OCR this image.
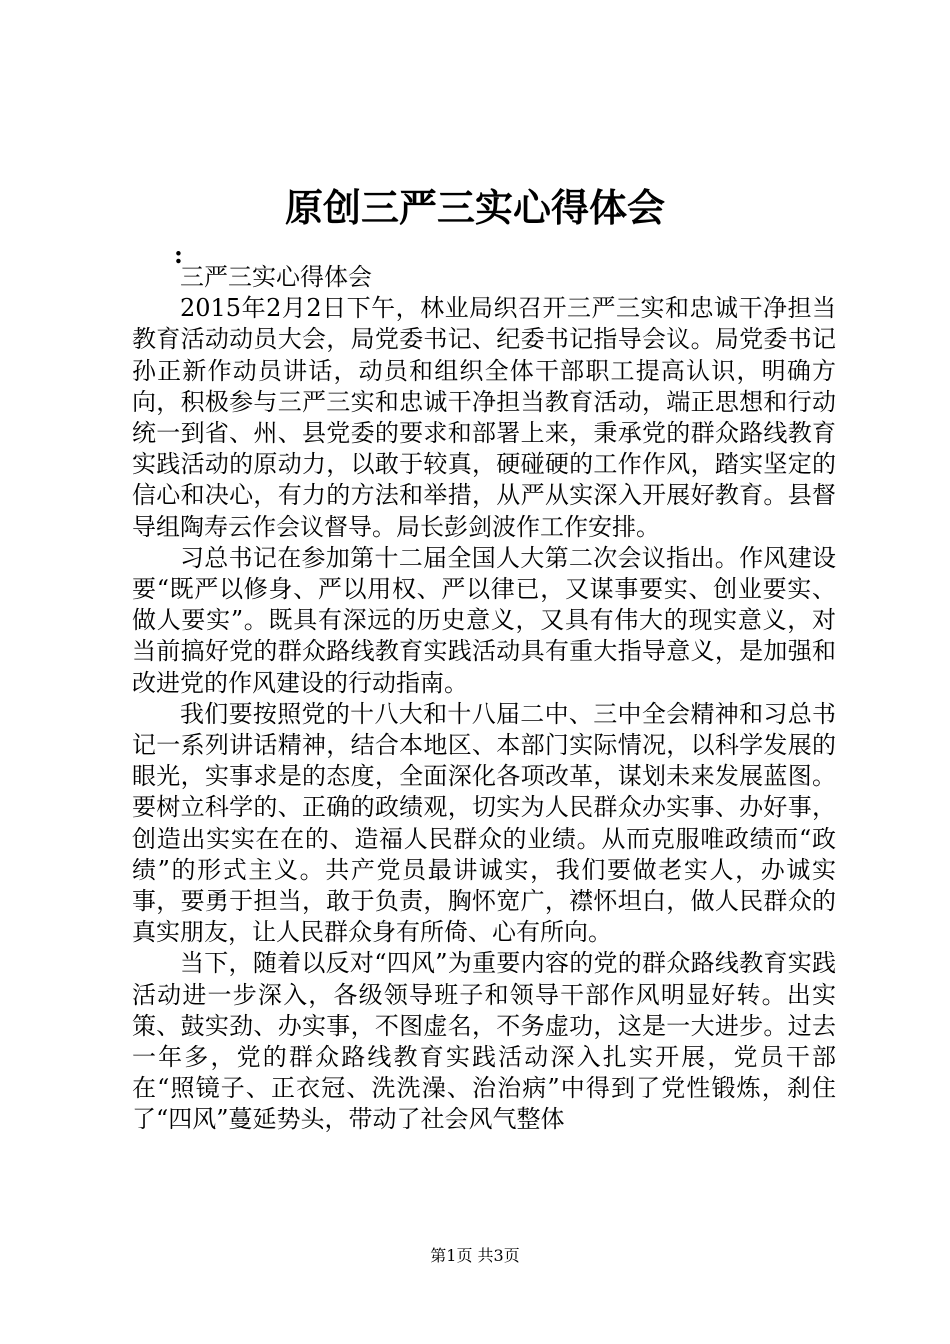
原创三严三实心得体会
:

三严三实心得体会

2015年2月2日下午，林业局织召开三严三实和忠诚干净担当教育活动动员大会，局党委书记、纪委书记指导会议。局党委书记孙正新作动员讲话，动员和组织全体干部职工提高认识，明确方向，积极参与三严三实和忠诚干净担当教育活动，端正思想和行动统一到省、州、县党委的要求和部署上来，秉承党的群众路线教育实践活动的原动力，以敢于较真，硬碰硬的工作作风，踏实坚定的信心和决心，有力的方法和举措，从严从实深入开展好教育。县督导组陶寿云作会议督导。局长彭剑波作工作安排。

习总书记在参加第十二届全国人大第二次会议指出。作风建设要“既严以修身、严以用权、严以律已，又谋事要实、创业要实、做人要实”。既具有深远的历史意义，又具有伟大的现实意义，对当前搞好党的群众路线教育实践活动具有重大指导意义，是加强和改进党的作风建设的行动指南。

我们要按照党的十八大和十八届二中、三中全会精神和习总书记一系列讲话精神，结合本地区、本部门实际情况，以科学发展的眼光，实事求是的态度，全面深化各项改革，谋划未来发展蓝图。要树立科学的、正确的政绩观，切实为人民群众办实事、办好事，创造出实实在在的、造福人民群众的业绩。从而克服唯政绩而“政绩”的形式主义。共产党员最讲诚实，我们要做老实人，办诚实事，要勇于担当，敢于负责，胸怀宽广，襟怀坦白，做人民群众的真实朋友，让人民群众身有所倚、心有所向。

当下，随着以反对“四风”为重要内容的党的群众路线教育实践活动进一步深入，各级领导班子和领导干部作风明显好转。出实策、鼓实劲、办实事，不图虚名，不务虚功，这是一大进步。过去一年多，党的群众路线教育实践活动深入扎实开展，党员干部在“照镜子、正衣冠、洗洗澡、治治病”中得到了党性锻炼，刹住了“四风”蔓延势头，带动了社会风气整体

第1页 共3页
